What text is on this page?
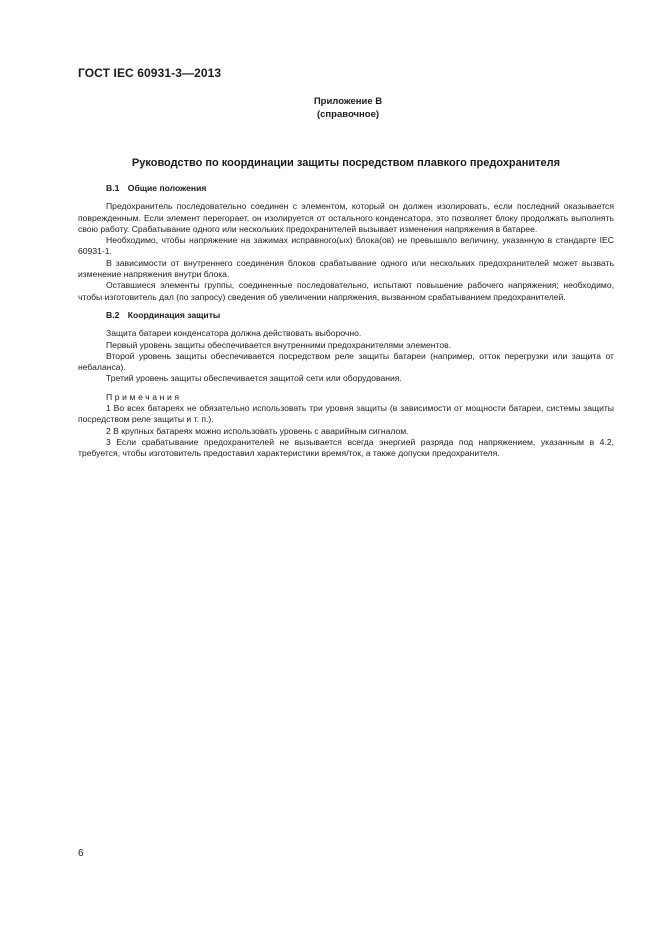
ГОСТ IEC 60931-3—2013
Приложение В
(справочное)
Руководство по координации защиты посредством плавкого предохранителя
В.1 Общие положения

Предохранитель последовательно соединен с элементом, который он должен изолировать, если последний оказывается поврежденным. Если элемент перегорает, он изолируется от остального конденсатора, это позволяет блоку продолжать выполнять свою работу. Срабатывание одного или нескольких предохранителей вызывает изменения напряжения в батарее.

Необходимо, чтобы напряжение на зажимах исправного(ых) блока(ов) не превышало величину, указанную в стандарте IEC 60931-1.

В зависимости от внутреннего соединения блоков срабатывание одного или нескольких предохранителей может вызвать изменение напряжения внутри блока.

Оставшиеся элементы группы, соединенные последовательно, испытают повышение рабочего напряжения; необходимо, чтобы изготовитель дал (по запросу) сведения об увеличении напряжения, вызванном срабатыванием предохранителей.

В.2 Координация защиты

Защита батареи конденсатора должна действовать выборочно.

Первый уровень защиты обеспечивается внутренними предохранителями элементов.

Второй уровень защиты обеспечивается посредством реле защиты батареи (например, отток перегрузки или защита от небаланса).

Третий уровень защиты обеспечивается защитой сети или оборудования.

Примечания

1 Во всех батареях не обязательно использовать три уровня защиты (в зависимости от мощности батареи, системы защиты посредством реле защиты и т. п.).

2 В крупных батареях можно использовать уровень с аварийным сигналом.

3 Если срабатывание предохранителей не вызывается всегда энергией разряда под напряжением, указанным в 4.2, требуется, чтобы изготовитель предоставил характеристики время/ток, а также допуски предохранителя.

6
